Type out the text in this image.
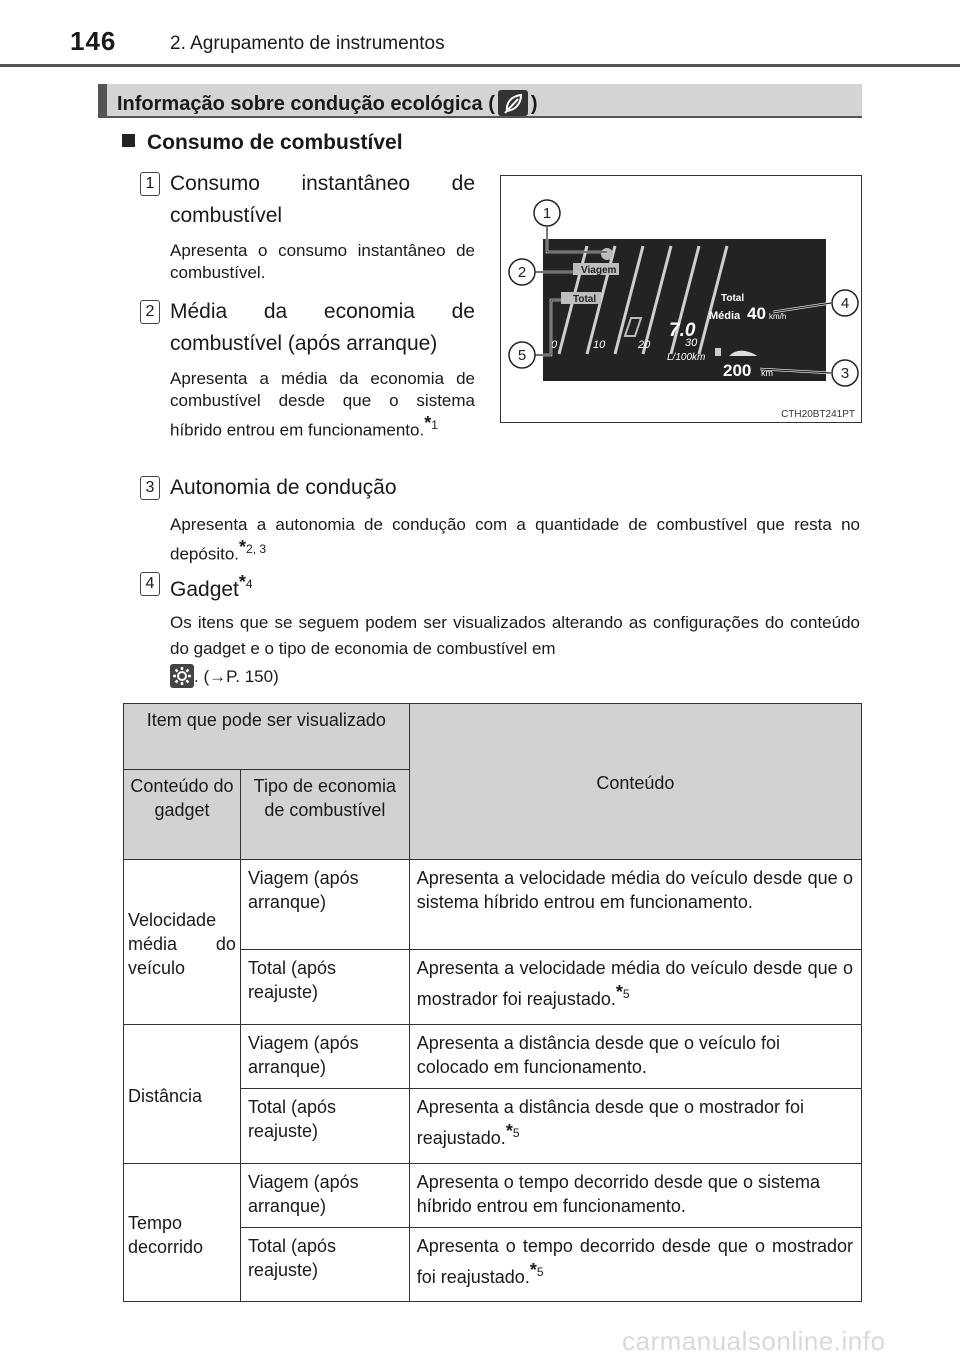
146	2. Agrupamento de instrumentos
Informação sobre condução ecológica ( )
Consumo de combustível
1 Consumo instantâneo de combustível
Apresenta o consumo instantâneo de combustível.
2 Média da economia de combustível (após arranque)
Apresenta a média da economia de combustível desde que o sistema híbrido entrou em funcionamento.$^{*1}$
Viagem
Total
0	10	20	30
L/100km
7.0
Total
Média 40 km/h
200 km
1
2
3
4
5
CTH20BT241PT
3 Autonomia de condução
Apresenta a autonomia de condução com a quantidade de combustível que resta no depósito.$^{*2, 3}$
4 Gadget$^{*4}$
Os itens que se seguem podem ser visualizados alterando as configurações do conteúdo do gadget e o tipo de economia de combustível em
. (→P. 150)
Item que pode ser visualizado		Conteúdo
Conteúdo do gadget	Tipo de economia de combustível	
Velocidade média do veículo	Viagem (após arranque)	Apresenta a velocidade média do veículo desde que o sistema híbrido entrou em funcionamento.
	Total (após reajuste)	Apresenta a velocidade média do veículo desde que o mostrador foi reajustado.$^{*5}$
Distância	Viagem (após arranque)	Apresenta a distância desde que o veículo foi colocado em funcionamento.
	Total (após reajuste)	Apresenta a distância desde que o mostrador foi reajustado.$^{*5}$
Tempo decorrido	Viagem (após arranque)	Apresenta o tempo decorrido desde que o sistema híbrido entrou em funcionamento.
	Total (após reajuste)	Apresenta o tempo decorrido desde que o mostrador foi reajustado.$^{*5}$
carmanualsonline.info
